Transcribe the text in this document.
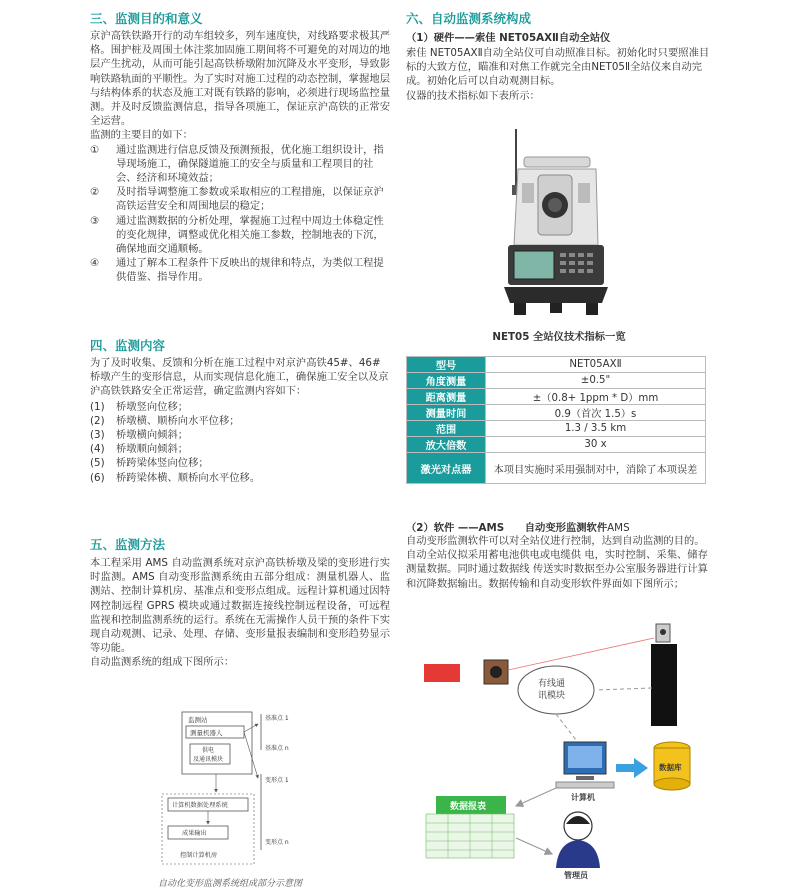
三、监测目的和意义

京沪高铁铁路开行的动车组较多，列车速度快，对线路要求极其严格。围护桩及周围土体注浆加固施工期间将不可避免的对周边的地层产生扰动，从而可能引起高铁桥墩附加沉降及水平变形，导致影响铁路轨面的平顺性。为了实时对施工过程的动态控制，掌握地层与结构体系的状态及施工对既有铁路的影响，必须进行现场监控量测。并及时反馈监测信息，指导各项施工，保证京沪高铁的正常安全运营。

监测的主要目的如下：

①	通过监测进行信息反馈及预测预报，优化施工组织设计，指导现场施工，确保隧道施工的安全与质量和工程项目的社会、经济和环境效益；
②	及时指导调整施工参数或采取相应的工程措施，以保证京沪高铁运营安全和周围地层的稳定；
③	通过监测数据的分析处理，掌握施工过程中周边土体稳定性的变化规律，调整或优化相关施工参数，控制地表的下沉，确保地面交通顺畅。
④	通过了解本工程条件下反映出的规律和特点，为类似工程提供借鉴、指导作用。

四、监测内容

为了及时收集、反馈和分析在施工过程中对京沪高铁45#、46#桥墩产生的变形信息，从而实现信息化施工，确保施工安全以及京沪高铁铁路安全正常运营，确定监测内容如下：

(1)	桥墩竖向位移；
(2)	桥墩横、顺桥向水平位移；
(3)	桥墩横向倾斜；
(4)	桥墩顺向倾斜；
(5)	桥跨梁体竖向位移；
(6)	桥跨梁体横、顺桥向水平位移。

五、监测方法

本工程采用 AMS 自动监测系统对京沪高铁桥墩及梁的变形进行实时监测。AMS 自动变形监测系统由五部分组成：测量机器人、监测站、控制计算机房、基准点和变形点组成。远程计算机通过因特网控制远程 GPRS 模块或通过数据连接线控制远程设备，可远程监视和控制监测系统的运行。系统在无需操作人员干预的条件下实现自动观测、记录、处理、存储、变形量报表编制和变形趋势显示等功能。

自动监测系统的组成下图所示：

监测站
测量机器人
供电
及通讯模块
基准点 1
基准点 n
变形点 1
变形点 n
计算机数据处理系统
成果输出
控制计算机房
自动化变形监测系统组成部分示意图

六、自动监测系统构成

（1）硬件——索佳 NET05AXⅡ自动全站仪

索佳 NET05AXⅡ自动全站仪可自动照准目标。初始化时只要照准目标的大致方位，瞄准和对焦工作就完全由NET05Ⅱ全站仪来自动完成。初始化后可以自动观测目标。

仪器的技术指标如下表所示：

NET05 全站仪技术指标一览

型号	NET05AXⅡ
角度测量	±0.5"
距离测量	±（0.8+ 1ppm * D）mm
测量时间	0.9（首次 1.5）s
范围	1.3 / 3.5 km
放大倍数	30 x
激光对点器	本项目实施时采用强制对中，消除了本项误差

（2）软件 ——AMS　　自动变形监测软件AMS

自动变形监测软件可以对全站仪进行控制，达到自动监测的目的。自动全站仪拟采用蓄电池供电或电缆供 电，实时控制、采集、储存测量数据。同时通过数据线 传送实时数据至办公室服务器进行计算和沉降数据输出。数据传输和自动变形软件界面如下图所示；

有线通
讯模块
计算机
数据库
数据报表
管理员
